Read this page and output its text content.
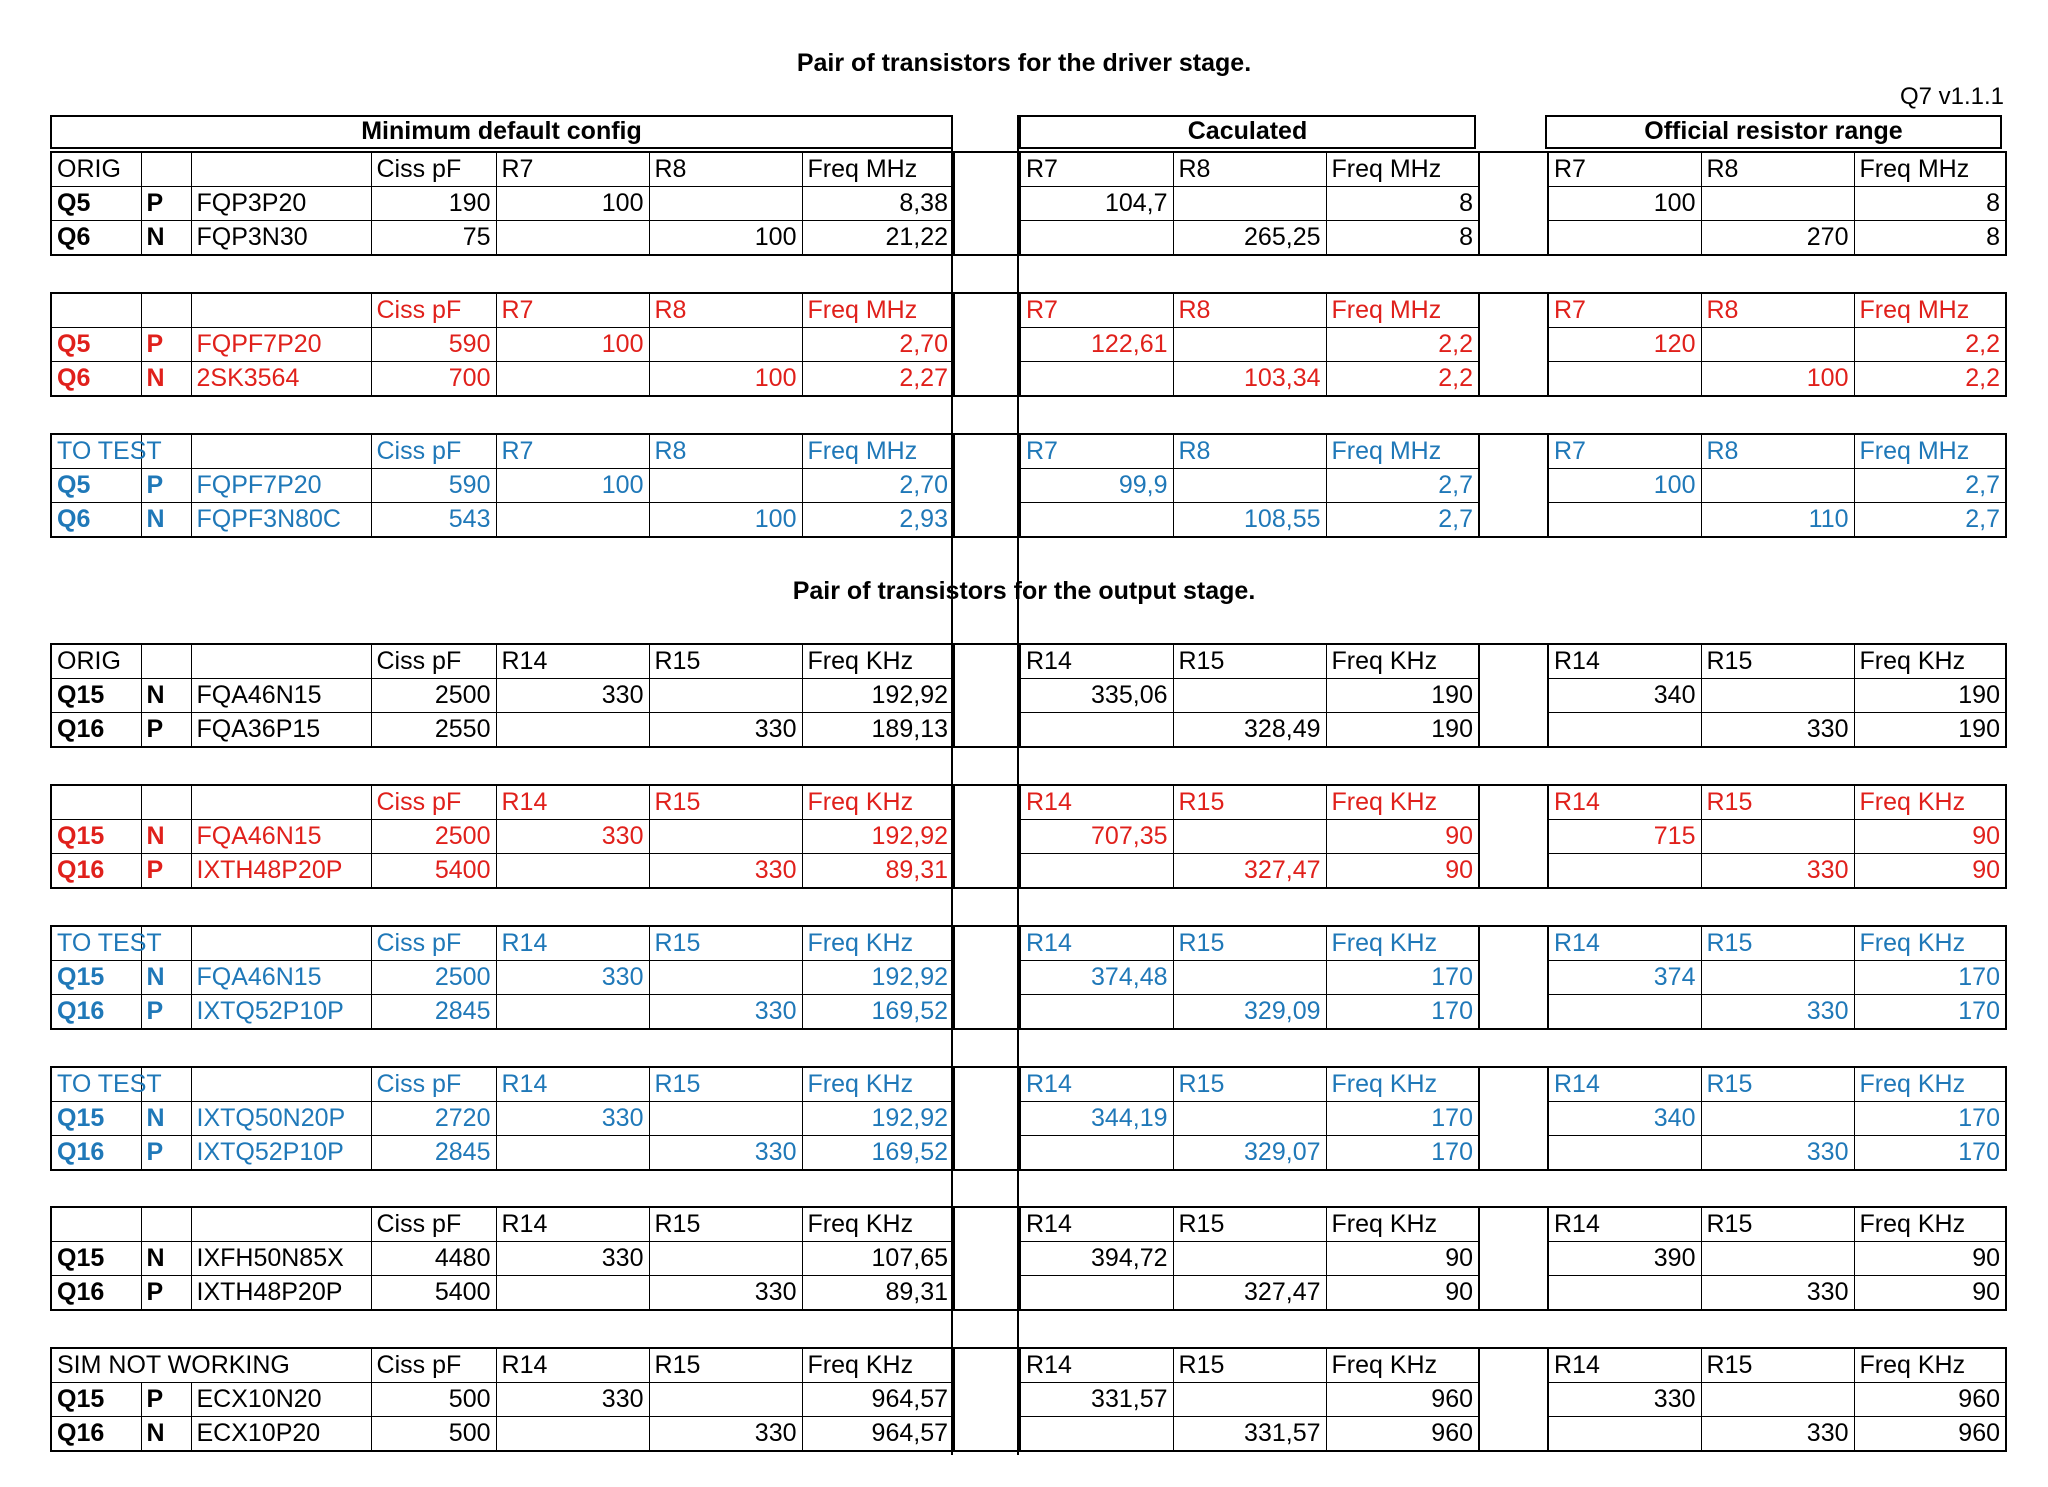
Pair of transistors for the driver stage.
Q7 v1.1.1
Minimum default config	Caculated	Official resistor range
Pair of transistors for the output stage.
ORIG			Ciss pF	R7	R8	Freq MHz		R7	R8	Freq MHz		R7	R8	Freq MHz
Q5	P	FQP3P20	190	100		8,38		104,7		8		100		8
Q6	N	FQP3N30	75		100	21,22			265,25	8			270	8
			Ciss pF	R7	R8	Freq MHz		R7	R8	Freq MHz		R7	R8	Freq MHz
Q5	P	FQPF7P20	590	100		2,70		122,61		2,2		120		2,2
Q6	N	2SK3564	700		100	2,27			103,34	2,2			100	2,2
TO TEST			Ciss pF	R7	R8	Freq MHz		R7	R8	Freq MHz		R7	R8	Freq MHz
Q5	P	FQPF7P20	590	100		2,70		99,9		2,7		100		2,7
Q6	N	FQPF3N80C	543		100	2,93			108,55	2,7			110	2,7
ORIG			Ciss pF	R14	R15	Freq KHz		R14	R15	Freq KHz		R14	R15	Freq KHz
Q15	N	FQA46N15	2500	330		192,92		335,06		190		340		190
Q16	P	FQA36P15	2550		330	189,13			328,49	190			330	190
			Ciss pF	R14	R15	Freq KHz		R14	R15	Freq KHz		R14	R15	Freq KHz
Q15	N	FQA46N15	2500	330		192,92		707,35		90		715		90
Q16	P	IXTH48P20P	5400		330	89,31			327,47	90			330	90
TO TEST			Ciss pF	R14	R15	Freq KHz		R14	R15	Freq KHz		R14	R15	Freq KHz
Q15	N	FQA46N15	2500	330		192,92		374,48		170		374		170
Q16	P	IXTQ52P10P	2845		330	169,52			329,09	170			330	170
TO TEST			Ciss pF	R14	R15	Freq KHz		R14	R15	Freq KHz		R14	R15	Freq KHz
Q15	N	IXTQ50N20P	2720	330		192,92		344,19		170		340		170
Q16	P	IXTQ52P10P	2845		330	169,52			329,07	170			330	170
			Ciss pF	R14	R15	Freq KHz		R14	R15	Freq KHz		R14	R15	Freq KHz
Q15	N	IXFH50N85X	4480	330		107,65		394,72		90		390		90
Q16	P	IXTH48P20P	5400		330	89,31			327,47	90			330	90
SIM NOT WORKING			Ciss pF	R14	R15	Freq KHz		R14	R15	Freq KHz		R14	R15	Freq KHz
Q15	P	ECX10N20	500	330		964,57		331,57		960		330		960
Q16	N	ECX10P20	500		330	964,57			331,57	960			330	960
